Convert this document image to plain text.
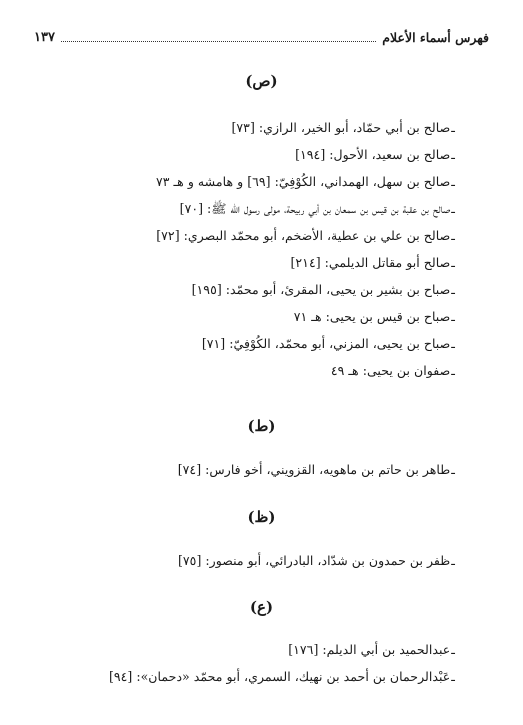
فهرس أسماء الأعلام
١٣٧
(ص)
ـصالح بن أبي حمّاد، أبو الخير، الرازي: [٧٣]
ـصالح بن سعيد، الأحول: [١٩٤]
ـصالح بن سهل، الهمداني، الكُوْفِيّ: [٦٩] و هامشه و هـ ٧٣
ـصالح بن عقبة بن قيس بن سمعان بن أبي ربيحة، مولى رسول الله ﷺ: [٧٠]
ـصالح بن علي بن عطية، الأضخم، أبو محمّد البصري: [٧٢]
ـصالح أبو مقاتل الديلمي: [٢١٤]
ـصباح بن بشير بن يحيى، المقرئ، أبو محمّد: [١٩٥]
ـصباح بن قيس بن يحيى: هـ ٧١
ـصباح بن يحيى، المزني، أبو محمّد، الكُوْفِيّ: [٧١]
ـصفوان بن يحيى: هـ ٤٩
(ط)
ـطاهر بن حاتم بن ماهويه، القزويني، أخو فارس: [٧٤]
(ظ)
ـظفر بن حمدون بن شدّاد، البادرائي، أبو منصور: [٧٥]
(ع)
ـعبدالحميد بن أبي الديلم: [١٧٦]
ـعَبْدالرحمان بن أحمد بن نهيك، السمري، أبو محمّد «دحمان»: [٩٤]
